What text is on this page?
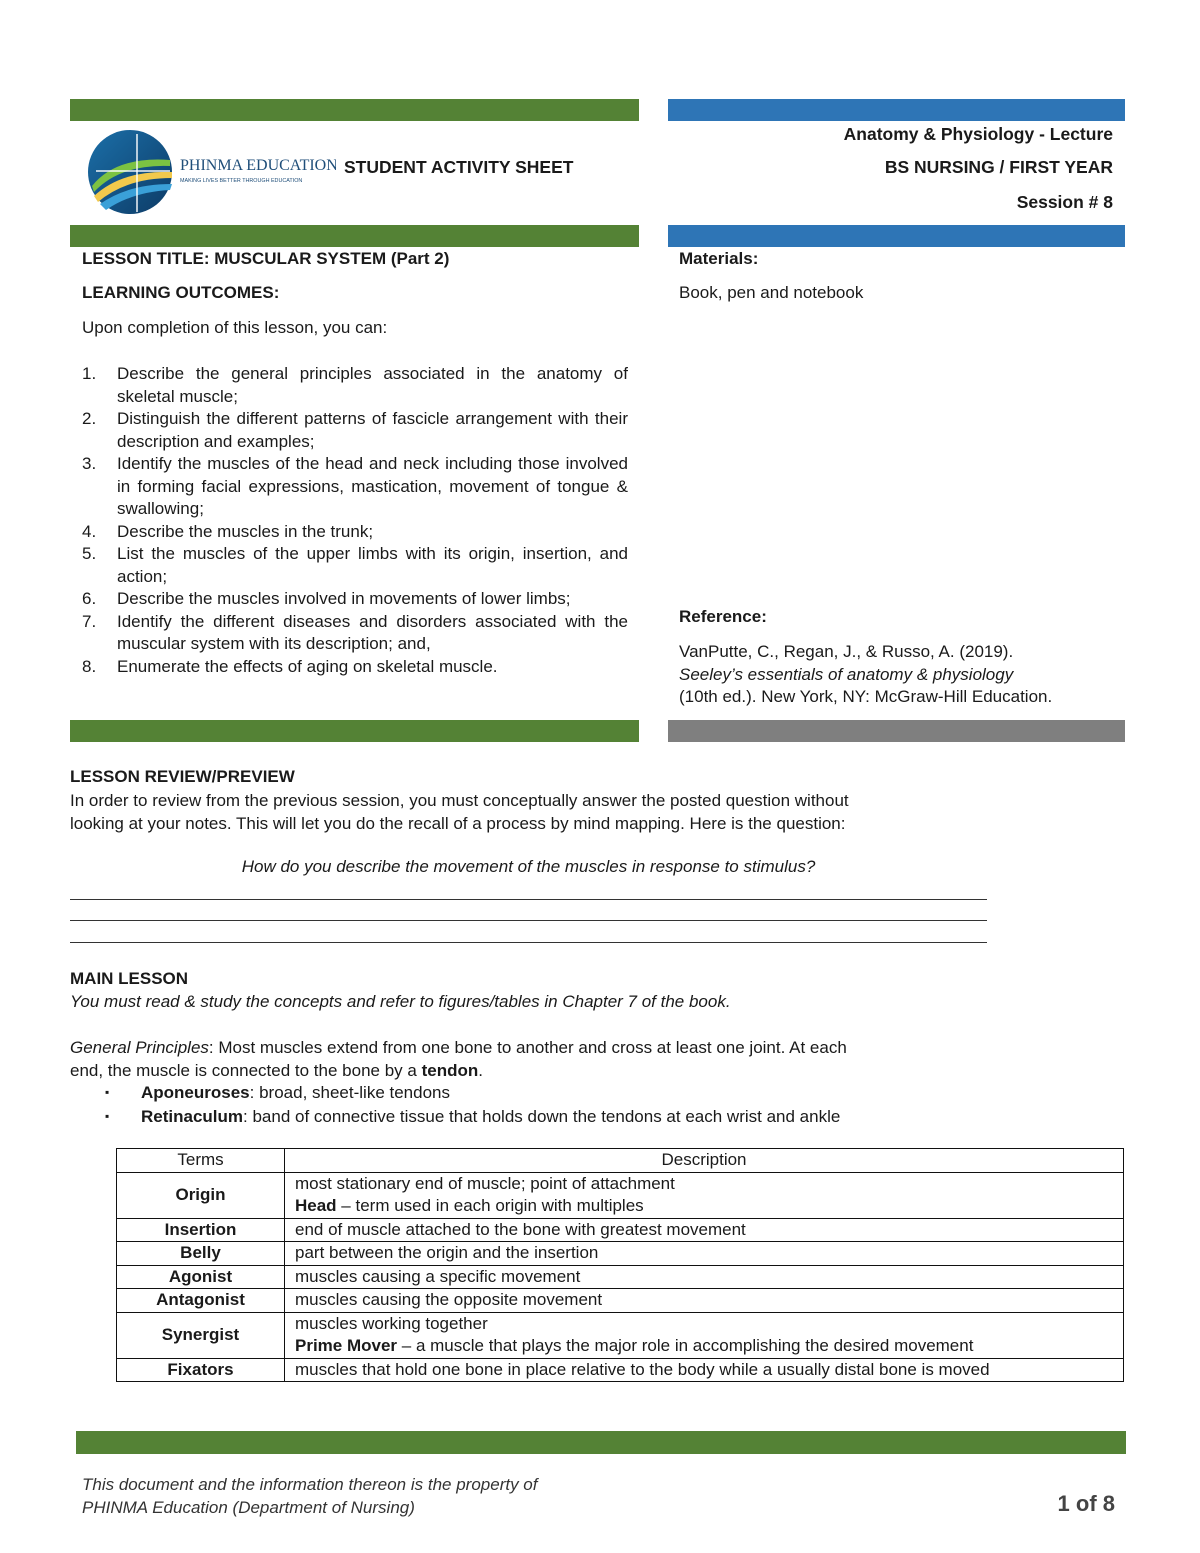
PHINMA EDUCATION
MAKING LIVES BETTER THROUGH EDUCATION
STUDENT ACTIVITY SHEET
Anatomy & Physiology - Lecture
BS NURSING / FIRST YEAR
Session # 8
LESSON TITLE: MUSCULAR SYSTEM (Part 2)
LEARNING OUTCOMES:
Upon completion of this lesson, you can:
1. Describe the general principles associated in the anatomy of skeletal muscle;
2. Distinguish the different patterns of fascicle arrangement with their description and examples;
3. Identify the muscles of the head and neck including those involved in forming facial expressions, mastication, movement of tongue & swallowing;
4. Describe the muscles in the trunk;
5. List the muscles of the upper limbs with its origin, insertion, and action;
6. Describe the muscles involved in movements of lower limbs;
7. Identify the different diseases and disorders associated with the muscular system with its description; and,
8. Enumerate the effects of aging on skeletal muscle.
Materials:
Book, pen and notebook
Reference:
VanPutte, C., Regan, J., & Russo, A. (2019).
Seeley’s essentials of anatomy & physiology
(10th ed.). New York, NY: McGraw-Hill Education.
LESSON REVIEW/PREVIEW
In order to review from the previous session, you must conceptually answer the posted question without
looking at your notes. This will let you do the recall of a process by mind mapping. Here is the question:
How do you describe the movement of the muscles in response to stimulus?
MAIN LESSON
You must read & study the concepts and refer to figures/tables in Chapter 7 of the book.
General Principles: Most muscles extend from one bone to another and cross at least one joint. At each
end, the muscle is connected to the bone by a tendon.
▪ Aponeuroses: broad, sheet-like tendons
▪ Retinaculum: band of connective tissue that holds down the tendons at each wrist and ankle
Terms	Description
Origin	most stationary end of muscle; point of attachment
Head – term used in each origin with multiples

Insertion	end of muscle attached to the bone with greatest movement
Belly	part between the origin and the insertion
Agonist	muscles causing a specific movement
Antagonist	muscles causing the opposite movement
Synergist	muscles working together
Prime Mover – a muscle that plays the major role in accomplishing the desired movement

Fixators	muscles that hold one bone in place relative to the body while a usually distal bone is moved
This document and the information thereon is the property of
PHINMA Education (Department of Nursing)	1 of 8
